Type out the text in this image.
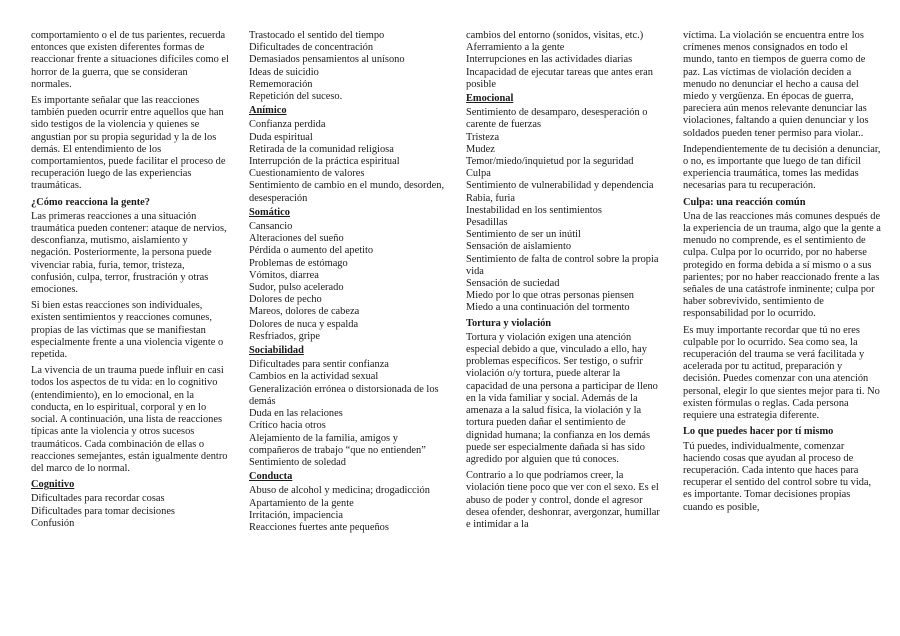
comportamiento o el de tus parientes, recuerda entonces que existen diferentes formas de reaccionar frente a situaciones difíciles como el horror de la guerra, que se consideran normales.

Es importante señalar que las reacciones también pueden ocurrir entre aquellos que han sido testigos de la violencia y quienes se angustian por su propia seguridad y la de los demás. El entendimiento de los comportamientos, puede facilitar el proceso de recuperación luego de las experiencias traumáticas.

¿Cómo reacciona la gente?

Las primeras reacciones a una situación traumática pueden contener: ataque de nervios, desconfianza, mutismo, aislamiento y negación. Posteriormente, la persona puede vivenciar rabia, furia, temor, tristeza, confusión, culpa, terror, frustración y otras emociones.

Si bien estas reacciones son individuales, existen sentimientos y reacciones comunes, propias de las víctimas que se manifiestan especialmente frente a una violencia vigente o repetida.

La vivencia de un trauma puede influir en casi todos los aspectos de tu vida: en lo cognitivo (entendimiento), en lo emocional, en la conducta, en lo espiritual, corporal y en lo social. A continuación, una lista de reacciones típicas ante la violencia y otros sucesos traumáticos. Cada combinación de ellas o reacciones semejantes, están igualmente dentro del marco de lo normal.

Cognitivo

Dificultades para recordar cosas

Dificultades para tomar decisiones

Confusión

Trastocado el sentido del tiempo

Dificultades de concentración

Demasiados pensamientos al unísono

Ideas de suicidio

Rememoración

Repetición del suceso.

Anímico

Confianza perdida

Duda espiritual

Retirada de la comunidad religiosa

Interrupción de la práctica espiritual

Cuestionamiento de valores

Sentimiento de cambio en el mundo, desorden, desesperación

Somático

Cansancio

Alteraciones del sueño

Pérdida o aumento del apetito

Problemas de estómago

Vómitos, diarrea

Sudor, pulso acelerado

Dolores de pecho

Mareos, dolores de cabeza

Dolores de nuca y espalda

Resfriados, gripe

Sociabilidad

Dificultades para sentir confianza

Cambios en la actividad sexual

Generalización errónea o distorsionada de los demás

Duda en las relaciones

Crítico hacia otros

Alejamiento de la familia, amigos y compañeros de trabajo “que no entienden”

Sentimiento de soledad

Conducta

Abuso de alcohol y medicina; drogadicción

Apartamiento de la gente

Irritación, impaciencia

Reacciones fuertes ante pequeños

cambios del entorno (sonidos, visitas, etc.)

Aferramiento a la gente

Interrupciones en las actividades diarias

Incapacidad de ejecutar tareas que antes eran posible

Emocional

Sentimiento de desamparo, desesperación o carente de fuerzas

Tristeza

Mudez

Temor/miedo/inquietud por la seguridad

Culpa

Sentimiento de vulnerabilidad y dependencia

Rabia, furia

Inestabilidad en los sentimientos

Pesadillas

Sentimiento de ser un inútil

Sensación de aislamiento

Sentimiento de falta de control sobre la propia vida

Sensación de suciedad

Miedo por lo que otras personas piensen

Miedo a una continuación del tormento

Tortura y violación

Tortura y violación exigen una atención especial debido a que, vinculado a ello, hay problemas específicos. Ser testigo, o sufrir violación o/y tortura, puede alterar la capacidad de una persona a participar de lleno en la vida familiar y social. Además de la amenaza a la salud física, la violación y la tortura pueden dañar el sentimiento de dignidad humana; la confianza en los demás puede ser especialmente dañada si has sido agredido por alguien que tú conoces.

Contrario a lo que podríamos creer, la violación tiene poco que ver con el sexo. Es el abuso de poder y control, donde el agresor desea ofender, deshonrar, avergonzar, humillar e intimidar a la

víctima. La violación se encuentra entre los crímenes menos consignados en todo el mundo, tanto en tiempos de guerra como de paz. Las víctimas de violación deciden a menudo no denunciar el hecho a causa del miedo y vergüenza. En épocas de guerra, pareciera aún menos relevante denunciar las violaciones, faltando a quien denunciar y los soldados pueden tener permiso para violar..

Independientemente de tu decisión a denunciar, o no, es importante que luego de tan difícil experiencia traumática, tomes las medidas necesarias para tu recuperación.

Culpa: una reacción común

Una de las reacciones más comunes después de la experiencia de un trauma, algo que la gente a menudo no comprende, es el sentimiento de culpa. Culpa por lo ocurrido, por no haberse protegido en forma debida a sí mismo o a sus parientes; por no haber reaccionado frente a las señales de una catástrofe inminente; culpa por haber sobrevivido, sentimiento de responsabilidad por lo ocurrido.

Es muy importante recordar que tú no eres culpable por lo ocurrido. Sea como sea, la recuperación del trauma se verá facilitada y acelerada por tu actitud, preparación y decisión. Puedes comenzar con una atención personal, elegir lo que sientes mejor para ti. No existen fórmulas o reglas. Cada persona requiere una estrategia diferente.

Lo que puedes hacer por tí mismo

Tú puedes, individualmente, comenzar haciendo cosas que ayudan al proceso de recuperación. Cada intento que haces para recuperar el sentido del control sobre tu vida, es importante. Tomar decisiones propias cuando es posible,
